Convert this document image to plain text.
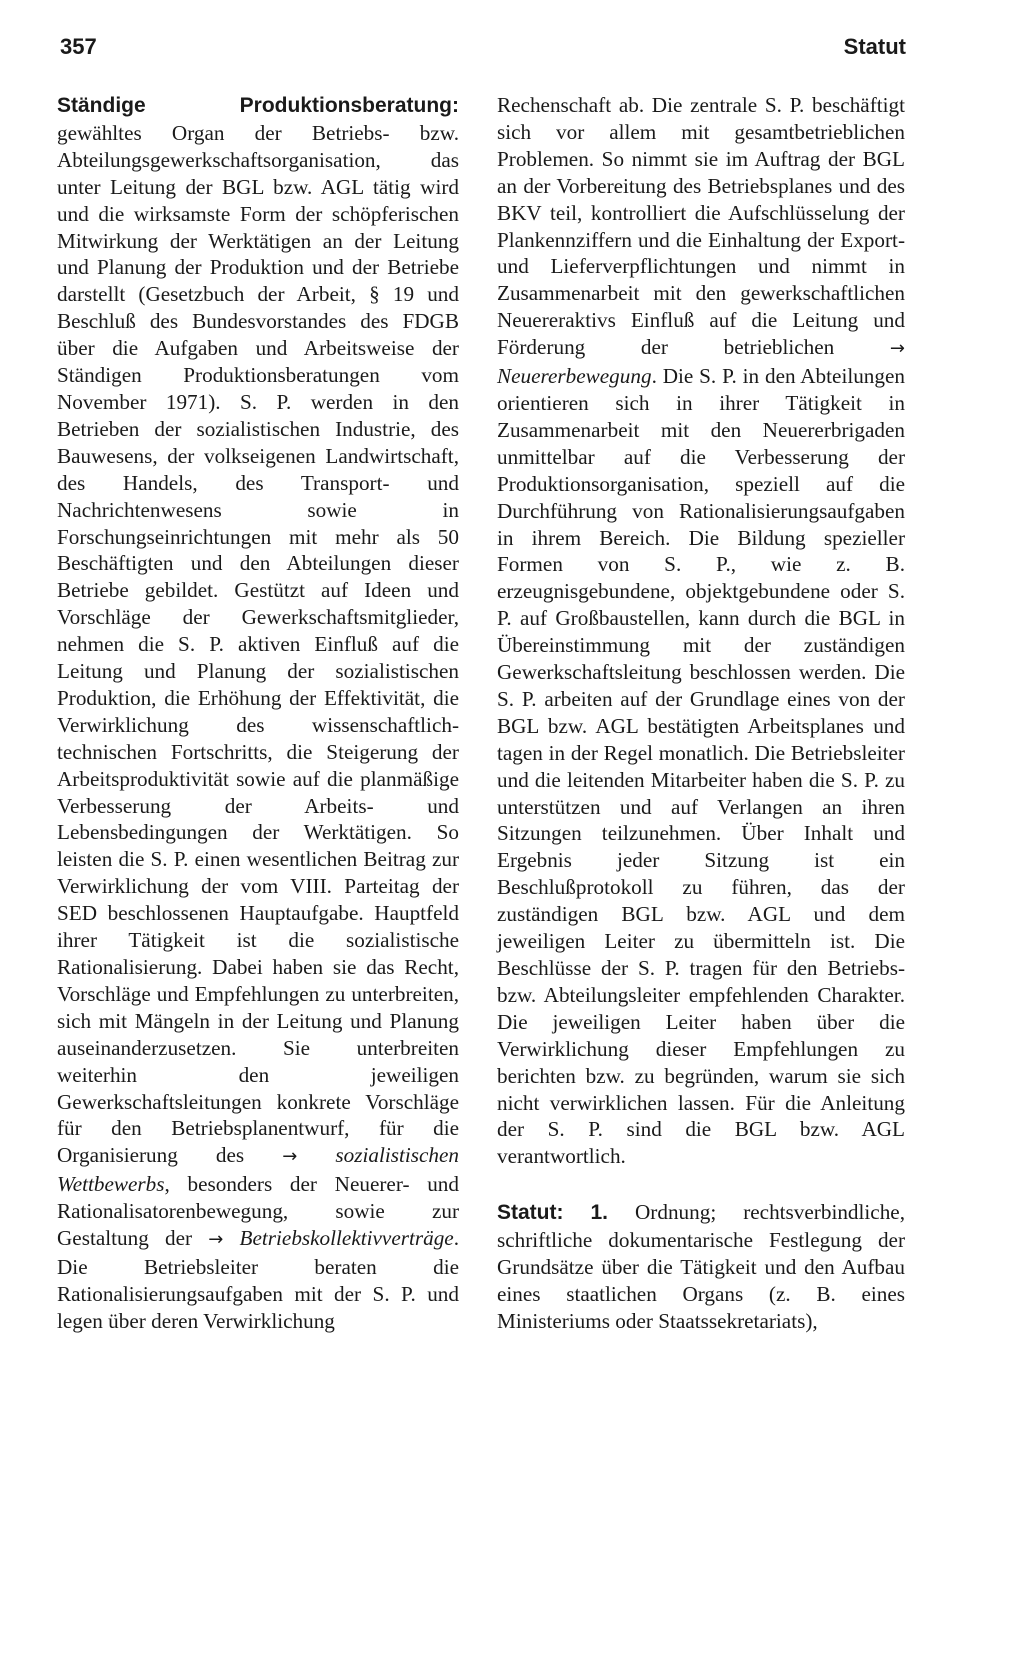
357	Statut

Ständige Produktionsberatung: gewähltes Organ der Betriebs- bzw. Abteilungsgewerkschaftsorganisation, das unter Leitung der BGL bzw. AGL tätig wird und die wirksamste Form der schöpferischen Mitwirkung der Werktätigen an der Leitung und Planung der Produktion und der Betriebe darstellt (Gesetzbuch der Arbeit, § 19 und Beschluß des Bundesvorstandes des FDGB über die Aufgaben und Arbeitsweise der Ständigen Produktionsberatungen vom November 1971). S. P. werden in den Betrieben der sozialistischen Industrie, des Bauwesens, der volkseigenen Landwirtschaft, des Handels, des Transport- und Nachrichtenwesens sowie in Forschungseinrichtungen mit mehr als 50 Beschäftigten und den Abteilungen dieser Betriebe gebildet. Gestützt auf Ideen und Vorschläge der Gewerkschaftsmitglieder, nehmen die S. P. aktiven Einfluß auf die Leitung und Planung der sozialistischen Produktion, die Erhöhung der Effektivität, die Verwirklichung des wissenschaftlich-technischen Fortschritts, die Steigerung der Arbeitsproduktivität sowie auf die planmäßige Verbesserung der Arbeits- und Lebensbedingungen der Werktätigen. So leisten die S. P. einen wesentlichen Beitrag zur Verwirklichung der vom VIII. Parteitag der SED beschlossenen Hauptaufgabe. Hauptfeld ihrer Tätigkeit ist die sozialistische Rationalisierung. Dabei haben sie das Recht, Vorschläge und Empfehlungen zu unterbreiten, sich mit Mängeln in der Leitung und Planung auseinanderzusetzen. Sie unterbreiten weiterhin den jeweiligen Gewerkschaftsleitungen konkrete Vorschläge für den Betriebsplanentwurf, für die Organisierung des → sozialistischen Wettbewerbs, besonders der Neuerer- und Rationalisatorenbewegung, sowie zur Gestaltung der → Betriebskollektivverträge. Die Betriebsleiter beraten die Rationalisierungsaufgaben mit der S. P. und legen über deren Verwirklichung

Rechenschaft ab. Die zentrale S. P. beschäftigt sich vor allem mit gesamtbetrieblichen Problemen. So nimmt sie im Auftrag der BGL an der Vorbereitung des Betriebsplanes und des BKV teil, kontrolliert die Aufschlüsselung der Plankennziffern und die Einhaltung der Export- und Lieferverpflichtungen und nimmt in Zusammenarbeit mit den gewerkschaftlichen Neuereraktivs Einfluß auf die Leitung und Förderung der betrieblichen → Neuererbewegung. Die S. P. in den Abteilungen orientieren sich in ihrer Tätigkeit in Zusammenarbeit mit den Neuererbrigaden unmittelbar auf die Verbesserung der Produktionsorganisation, speziell auf die Durchführung von Rationalisierungsaufgaben in ihrem Bereich. Die Bildung spezieller Formen von S. P., wie z. B. erzeugnisgebundene, objektgebundene oder S. P. auf Großbaustellen, kann durch die BGL in Übereinstimmung mit der zuständigen Gewerkschaftsleitung beschlossen werden. Die S. P. arbeiten auf der Grundlage eines von der BGL bzw. AGL bestätigten Arbeitsplanes und tagen in der Regel monatlich. Die Betriebsleiter und die leitenden Mitarbeiter haben die S. P. zu unterstützen und auf Verlangen an ihren Sitzungen teilzunehmen. Über Inhalt und Ergebnis jeder Sitzung ist ein Beschlußprotokoll zu führen, das der zuständigen BGL bzw. AGL und dem jeweiligen Leiter zu übermitteln ist. Die Beschlüsse der S. P. tragen für den Betriebs- bzw. Abteilungsleiter empfehlenden Charakter. Die jeweiligen Leiter haben über die Verwirklichung dieser Empfehlungen zu berichten bzw. zu begründen, warum sie sich nicht verwirklichen lassen. Für die Anleitung der S. P. sind die BGL bzw. AGL verantwortlich.

Statut: 1. Ordnung; rechtsverbindliche, schriftliche dokumentarische Festlegung der Grundsätze über die Tätigkeit und den Aufbau eines staatlichen Organs (z. B. eines Ministeriums oder Staatssekretariats),
